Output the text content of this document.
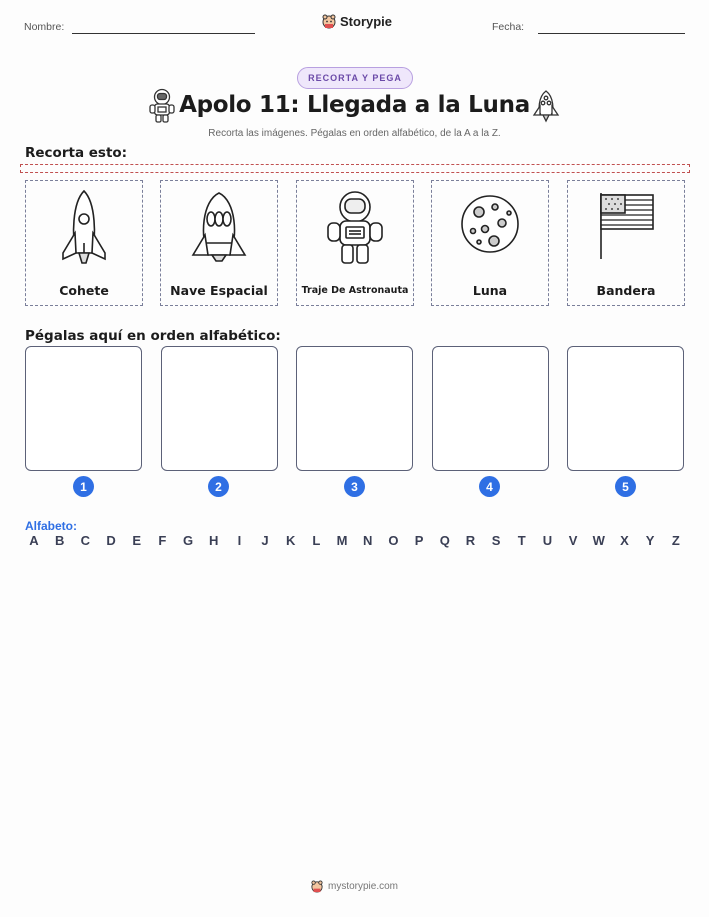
Nombre:	Storypie	Fecha:
RECORTA Y PEGA
Apolo 11: Llegada a la Luna
Recorta las imágenes. Pégalas en orden alfabético, de la A a la Z.
Recorta esto:
Cohete	Nave Espacial	Traje De Astronauta	Luna	Bandera
Pégalas aquí en orden alfabético:
1	2	3	4	5
Alfabeto:
A	B	C	D	E	F	G	H	I	J	K	L	M	N	O	P	Q	R	S	T	U	V	W	X	Y	Z
mystorypie.com
